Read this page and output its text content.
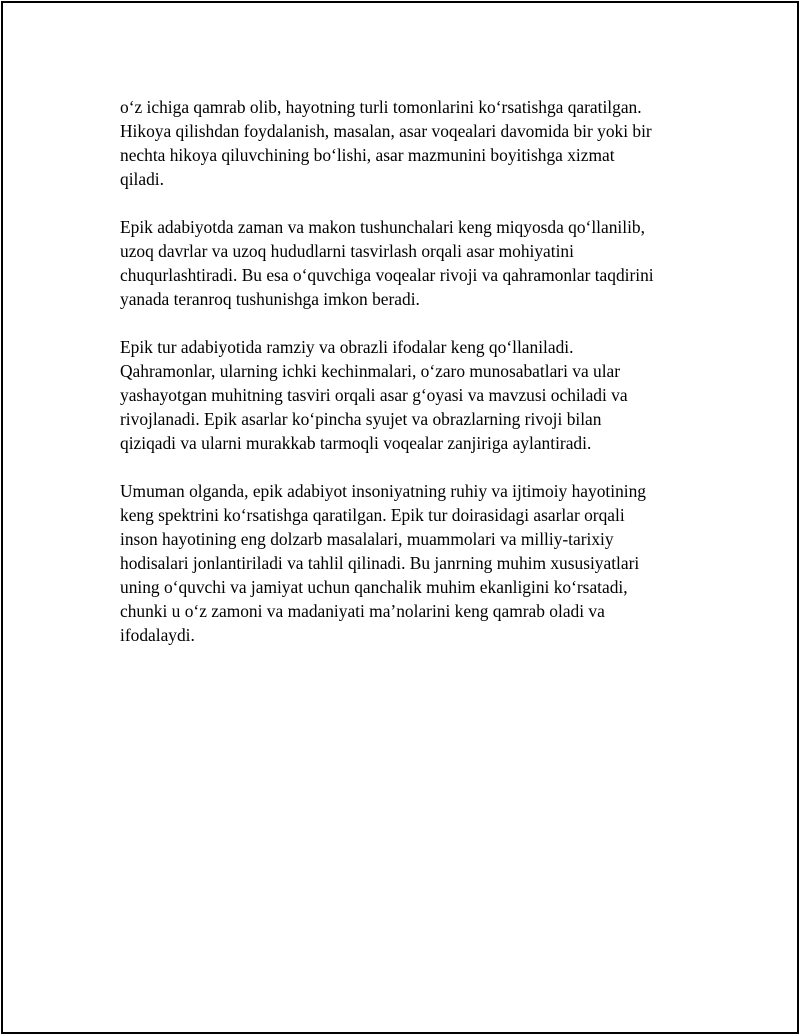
o‘z ichiga qamrab olib, hayotning turli tomonlarini ko‘rsatishga qaratilgan.
Hikoya qilishdan foydalanish, masalan, asar voqealari davomida bir yoki bir
nechta hikoya qiluvchining bo‘lishi, asar mazmunini boyitishga xizmat
qiladi.

Epik adabiyotda zaman va makon tushunchalari keng miqyosda qo‘llanilib,
uzoq davrlar va uzoq hududlarni tasvirlash orqali asar mohiyatini
chuqurlashtiradi. Bu esa o‘quvchiga voqealar rivoji va qahramonlar taqdirini
yanada teranroq tushunishga imkon beradi.

Epik tur adabiyotida ramziy va obrazli ifodalar keng qo‘llaniladi.
Qahramonlar, ularning ichki kechinmalari, o‘zaro munosabatlari va ular
yashayotgan muhitning tasviri orqali asar g‘oyasi va mavzusi ochiladi va
rivojlanadi. Epik asarlar ko‘pincha syujet va obrazlarning rivoji bilan
qiziqadi va ularni murakkab tarmoqli voqealar zanjiriga aylantiradi.

Umuman olganda, epik adabiyot insoniyatning ruhiy va ijtimoiy hayotining
keng spektrini ko‘rsatishga qaratilgan. Epik tur doirasidagi asarlar orqali
inson hayotining eng dolzarb masalalari, muammolari va milliy-tarixiy
hodisalari jonlantiriladi va tahlil qilinadi. Bu janrning muhim xususiyatlari
uning o‘quvchi va jamiyat uchun qanchalik muhim ekanligini ko‘rsatadi,
chunki u o‘z zamoni va madaniyati ma’nolarini keng qamrab oladi va
ifodalaydi.
